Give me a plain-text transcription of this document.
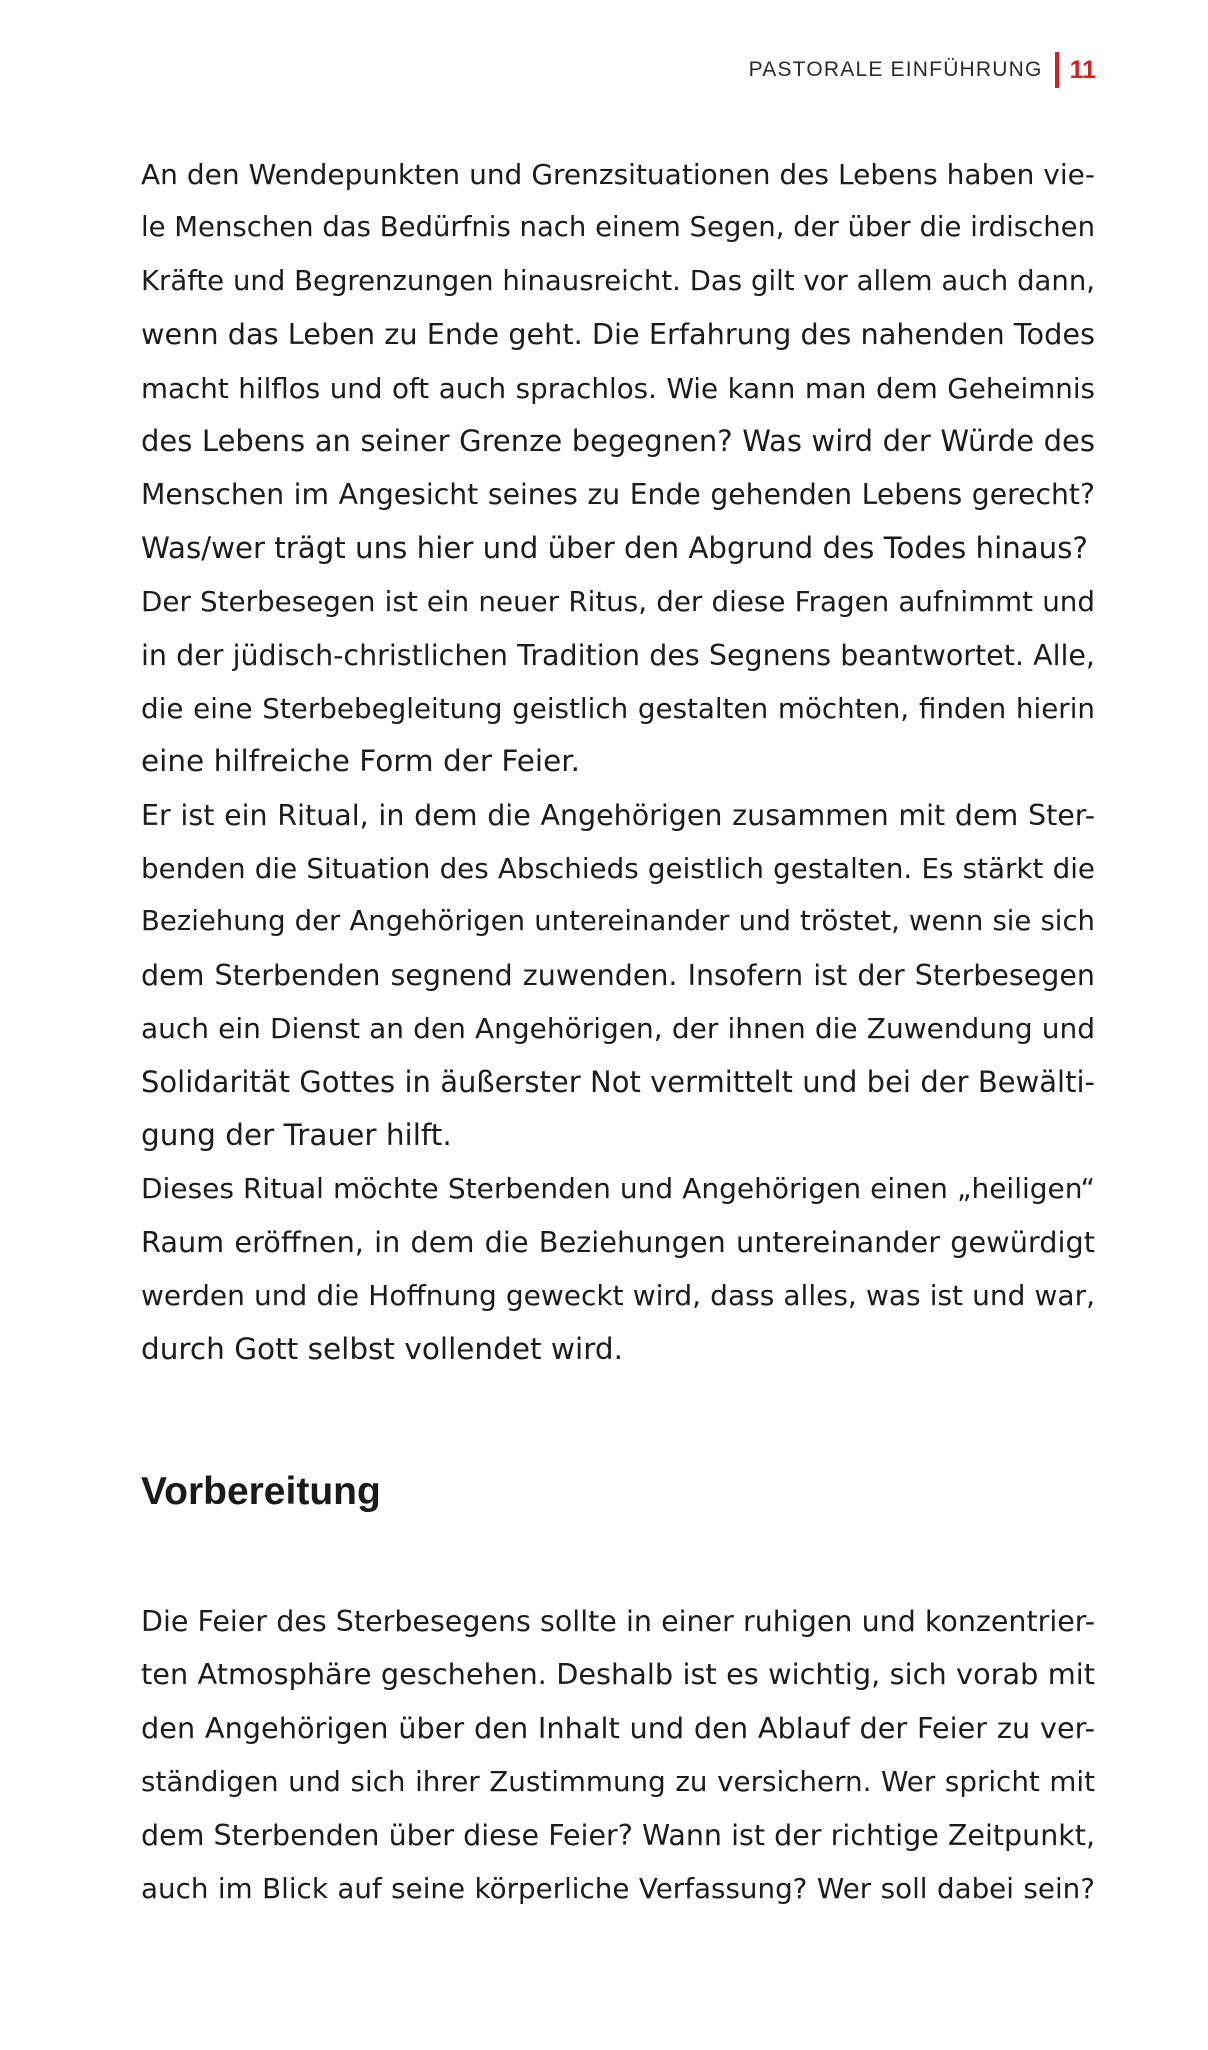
PASTORALE EINFÜHRUNG 11
An den Wendepunkten und Grenzsituationen des Lebens haben vie-
le Menschen das Bedürfnis nach einem Segen, der über die irdischen
Kräfte und Begrenzungen hinausreicht. Das gilt vor allem auch dann,
wenn das Leben zu Ende geht. Die Erfahrung des nahenden Todes
macht hilflos und oft auch sprachlos. Wie kann man dem Geheimnis
des Lebens an seiner Grenze begegnen? Was wird der Würde des
Menschen im Angesicht seines zu Ende gehenden Lebens gerecht?
Was/wer trägt uns hier und über den Abgrund des Todes hinaus?
Der Sterbesegen ist ein neuer Ritus, der diese Fragen aufnimmt und
in der jüdisch-christlichen Tradition des Segnens beantwortet. Alle,
die eine Sterbebegleitung geistlich gestalten möchten, finden hierin
eine hilfreiche Form der Feier.
Er ist ein Ritual, in dem die Angehörigen zusammen mit dem Ster-
benden die Situation des Abschieds geistlich gestalten. Es stärkt die
Beziehung der Angehörigen untereinander und tröstet, wenn sie sich
dem Sterbenden segnend zuwenden. Insofern ist der Sterbesegen
auch ein Dienst an den Angehörigen, der ihnen die Zuwendung und
Solidarität Gottes in äußerster Not vermittelt und bei der Bewälti-
gung der Trauer hilft.
Dieses Ritual möchte Sterbenden und Angehörigen einen „heiligen“
Raum eröffnen, in dem die Beziehungen untereinander gewürdigt
werden und die Hoffnung geweckt wird, dass alles, was ist und war,
durch Gott selbst vollendet wird.
Vorbereitung
Die Feier des Sterbesegens sollte in einer ruhigen und konzentrier-
ten Atmosphäre geschehen. Deshalb ist es wichtig, sich vorab mit
den Angehörigen über den Inhalt und den Ablauf der Feier zu ver-
ständigen und sich ihrer Zustimmung zu versichern. Wer spricht mit
dem Sterbenden über diese Feier? Wann ist der richtige Zeitpunkt,
auch im Blick auf seine körperliche Verfassung? Wer soll dabei sein?
